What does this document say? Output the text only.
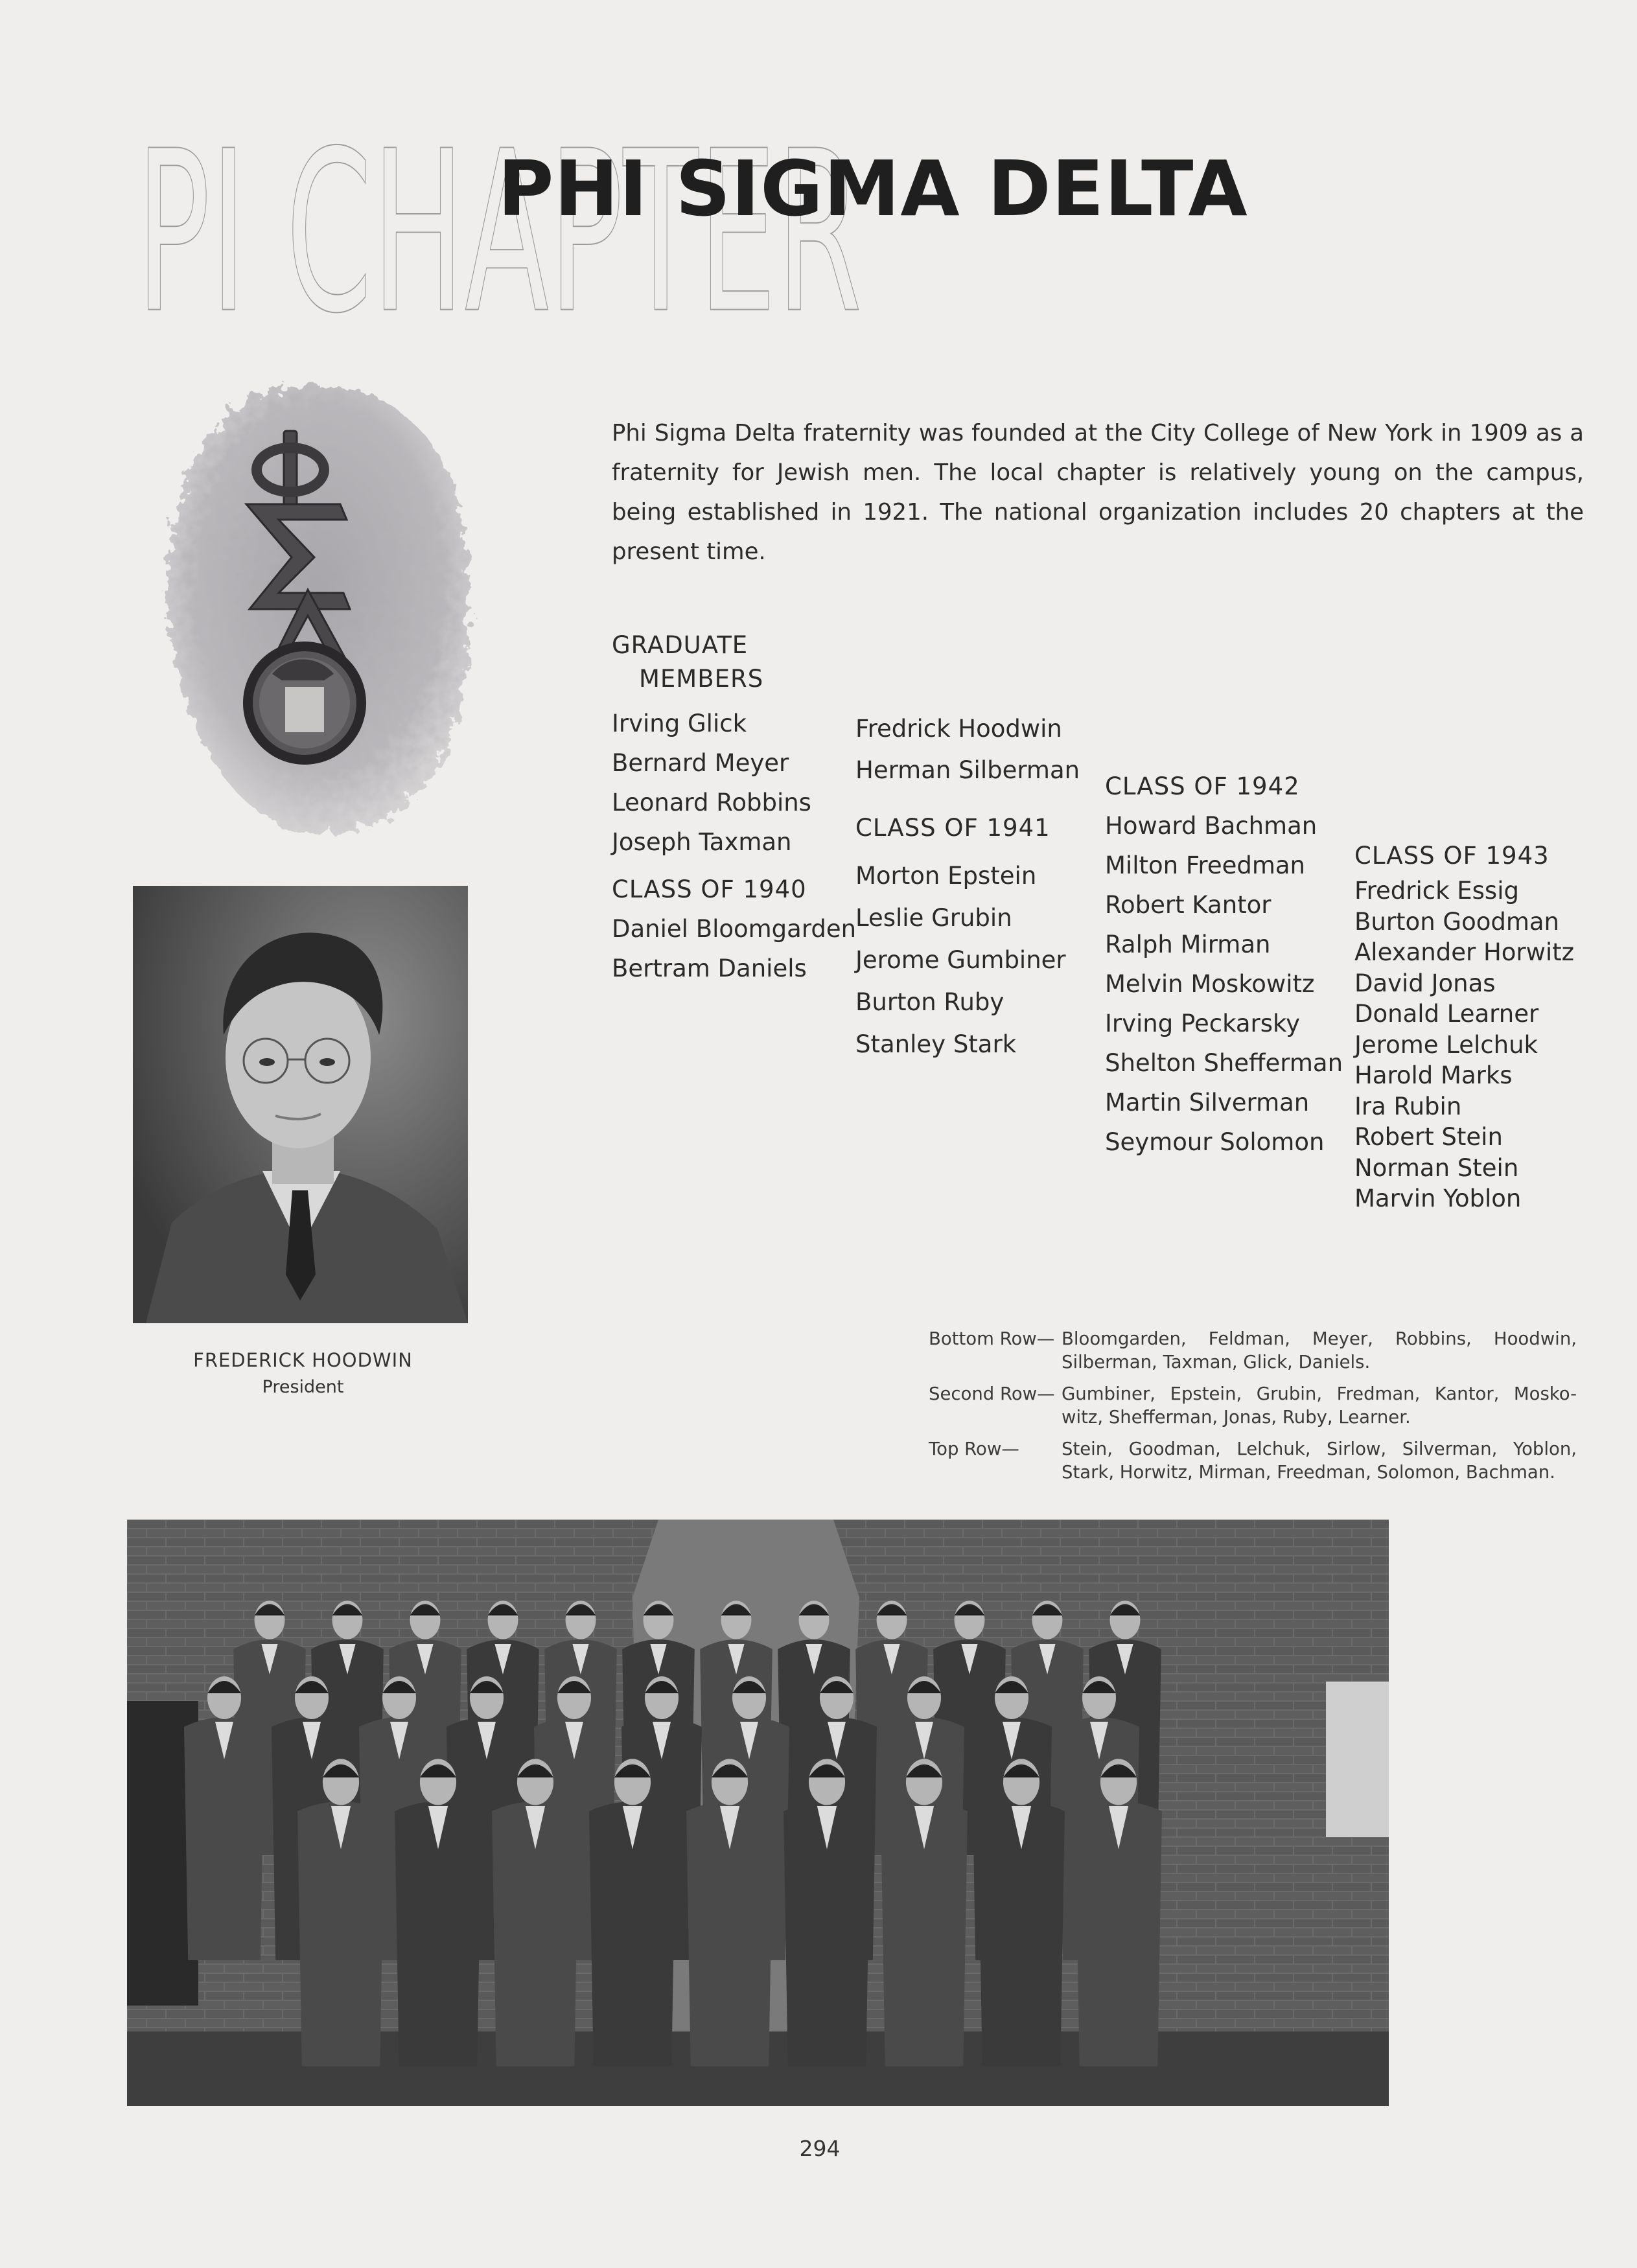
PI CHAPTER
PHI SIGMA DELTA

Phi Sigma Delta fraternity was founded at the City College of New York in 1909 as a fraternity for Jewish men. The local chapter is relatively young on the campus, being established in 1921. The national organization includes 20 chapters at the present time.

GRADUATE
MEMBERS
Irving Glick
Bernard Meyer
Leonard Robbins
Joseph Taxman
CLASS OF 1940
Daniel Bloomgarden
Bertram Daniels
Fredrick Hoodwin
Herman Silberman
CLASS OF 1941
Morton Epstein
Leslie Grubin
Jerome Gumbiner
Burton Ruby
Stanley Stark
CLASS OF 1942
Howard Bachman
Milton Freedman
Robert Kantor
Ralph Mirman
Melvin Moskowitz
Irving Peckarsky
Shelton Shefferman
Martin Silverman
Seymour Solomon
CLASS OF 1943
Fredrick Essig
Burton Goodman
Alexander Horwitz
David Jonas
Donald Learner
Jerome Lelchuk
Harold Marks
Ira Rubin
Robert Stein
Norman Stein
Marvin Yoblon
FREDERICK HOODWIN
President
Bottom Row— Bloomgarden, Feldman, Meyer, Robbins, Hoodwin,
Silberman, Taxman, Glick, Daniels.
Second Row— Gumbiner, Epstein, Grubin, Fredman, Kantor, Mosko-
witz, Shefferman, Jonas, Ruby, Learner.
Top Row— Stein, Goodman, Lelchuk, Sirlow, Silverman, Yoblon,
Stark, Horwitz, Mirman, Freedman, Solomon, Bachman.
294
